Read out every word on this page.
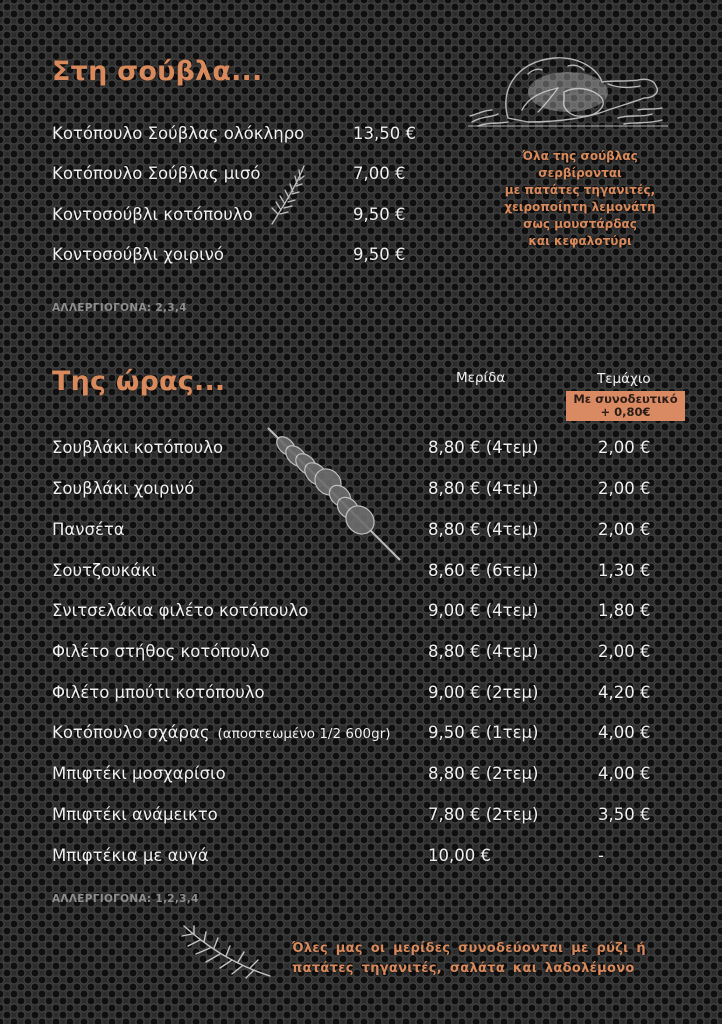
Στη σούβλα...
Κοτόπουλο Σούβλας ολόκληρο	13,50 €
Κοτόπουλο Σούβλας μισό	7,00 €
Κοντοσούβλι κοτόπουλο	9,50 €
Κοντοσούβλι χοιρινό	9,50 €
ΑΛΛΕΡΓΙΟΓΟΝΑ: 2,3,4
Όλα της σούβλας
σερβίρονται
με πατάτες τηγανιτές,
χειροποίητη λεμονάτη
σως μουστάρδας
και κεφαλοτύρι
Της ώρας...	Μερίδα	Τεμάχιο
Με συνοδευτικό
+ 0,80€
Σουβλάκι κοτόπουλο	8,80 € (4τεμ)	2,00 €
Σουβλάκι χοιρινό	8,80 € (4τεμ)	2,00 €
Πανσέτα	8,80 € (4τεμ)	2,00 €
Σουτζουκάκι	8,60 € (6τεμ)	1,30 €
Σνιτσελάκια φιλέτο κοτόπουλο	9,00 € (4τεμ)	1,80 €
Φιλέτο στήθος κοτόπουλο	8,80 € (4τεμ)	2,00 €
Φιλέτο μπούτι κοτόπουλο	9,00 € (2τεμ)	4,20 €
Κοτόπουλο σχάρας (αποστεωμένο 1/2 600gr) 9,50 € (1τεμ)	4,00 €
Μπιφτέκι μοσχαρίσιο	8,80 € (2τεμ)	4,00 €
Μπιφτέκι ανάμεικτο	7,80 € (2τεμ)	3,50 €
Μπιφτέκια με αυγά	10,00 €	-
ΑΛΛΕΡΓΙΟΓΟΝΑ: 1,2,3,4
Όλες μας οι μερίδες συνοδεύονται με ρύζι ή
πατάτες τηγανιτές, σαλάτα και λαδολέμονο
